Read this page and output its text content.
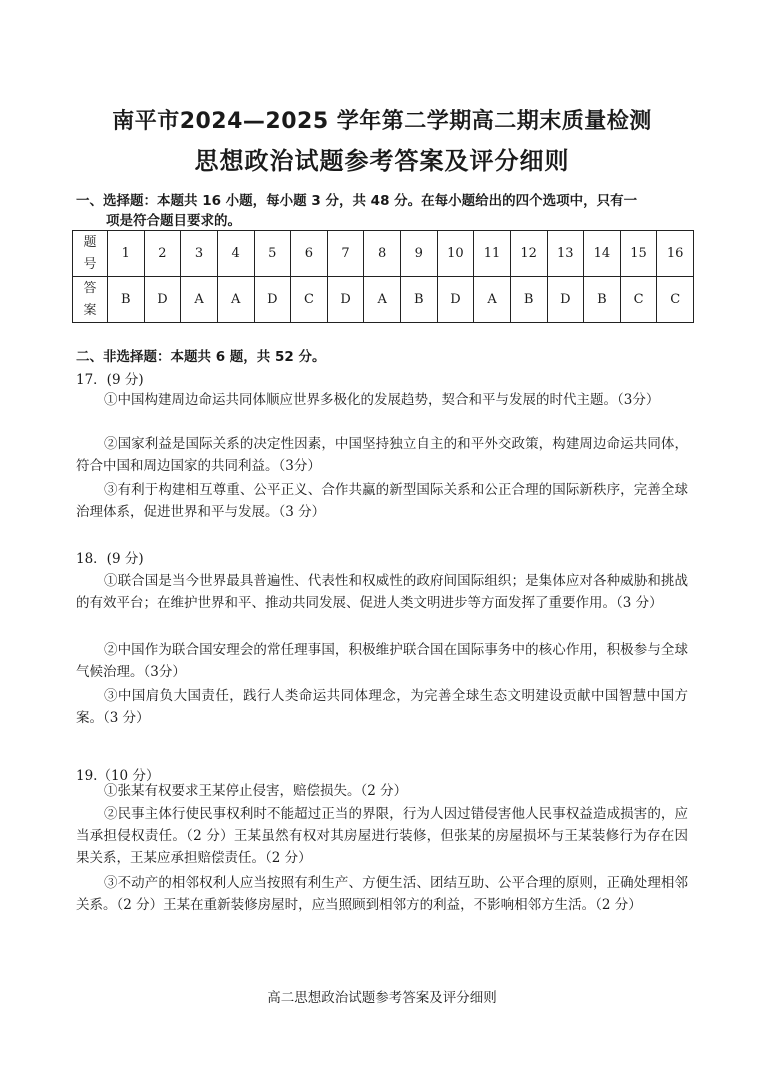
南平市2024—2025 学年第二学期高二期末质量检测
思想政治试题参考答案及评分细则
一、选择题：本题共 16 小题，每小题 3 分，共 48 分。在每小题给出的四个选项中，只有一
项是符合题目要求的。
题
号	1	2	3	4	5	6	7	8	9	10	11	12	13	14	15	16
答
案	B	D	A	A	D	C	D	A	B	D	A	B	D	B	C	C
二、非选择题：本题共 6 题，共 52 分。
17．(9 分)
①中国构建周边命运共同体顺应世界多极化的发展趋势，契合和平与发展的时代主题。（3分）
②国家利益是国际关系的决定性因素，中国坚持独立自主的和平外交政策，构建周边命运共同体，符合中国和周边国家的共同利益。（3分）
③有利于构建相互尊重、公平正义、合作共赢的新型国际关系和公正合理的国际新秩序，完善全球治理体系，促进世界和平与发展。（3 分）
18．(9 分)
①联合国是当今世界最具普遍性、代表性和权威性的政府间国际组织；是集体应对各种威胁和挑战的有效平台；在维护世界和平、推动共同发展、促进人类文明进步等方面发挥了重要作用。（3 分）
②中国作为联合国安理会的常任理事国，积极维护联合国在国际事务中的核心作用，积极参与全球气候治理。（3分）
③中国肩负大国责任，践行人类命运共同体理念，为完善全球生态文明建设贡献中国智慧中国方案。（3 分）
19.（10 分）
①张某有权要求王某停止侵害，赔偿损失。（2 分）
②民事主体行使民事权利时不能超过正当的界限，行为人因过错侵害他人民事权益造成损害的，应当承担侵权责任。（2 分）王某虽然有权对其房屋进行装修，但张某的房屋损坏与王某装修行为存在因果关系，王某应承担赔偿责任。（2 分）
③不动产的相邻权利人应当按照有利生产、方便生活、团结互助、公平合理的原则，正确处理相邻关系。（2 分）王某在重新装修房屋时，应当照顾到相邻方的利益，不影响相邻方生活。（2 分）
高二思想政治试题参考答案及评分细则
